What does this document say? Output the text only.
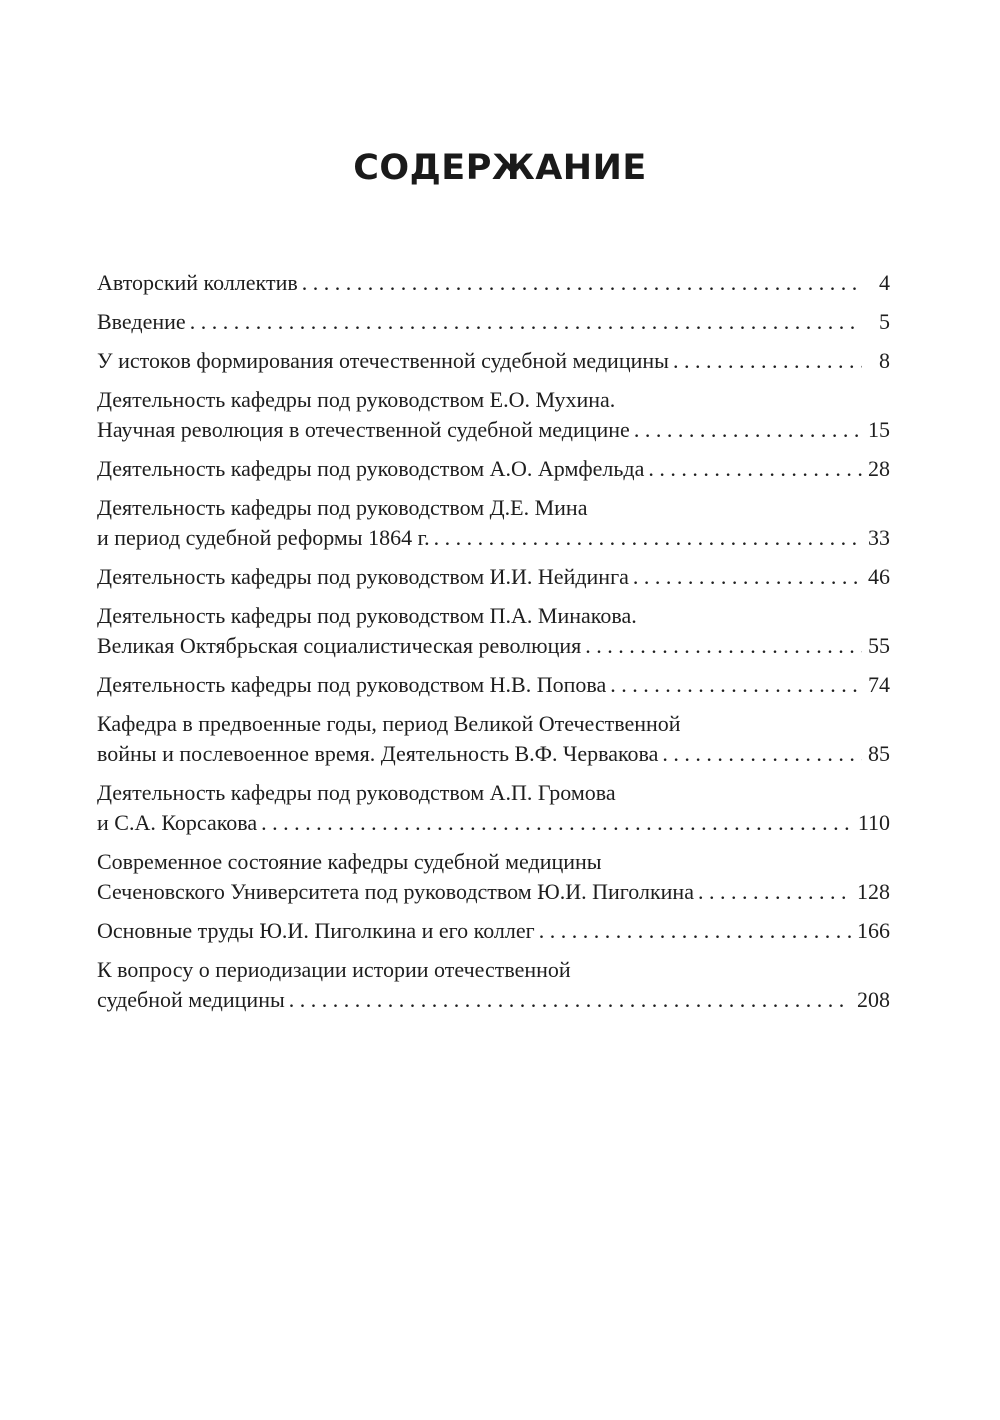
СОДЕРЖАНИЕ
Авторский коллектив . . .	4
Введение . . .	5
У истоков формирования отечественной судебной медицины . . .	8
Деятельность кафедры под руководством Е.О. Мухина.
Научная революция в отечественной судебной медицине . . .	15
Деятельность кафедры под руководством А.О. Армфельда . . .	28
Деятельность кафедры под руководством Д.Е. Мина
и период судебной реформы 1864 г. . . .	33
Деятельность кафедры под руководством И.И. Нейдинга . . .	46
Деятельность кафедры под руководством П.А. Минакова.
Великая Октябрьская социалистическая революция . . .	55
Деятельность кафедры под руководством Н.В. Попова . . .	74
Кафедра в предвоенные годы, период Великой Отечественной
войны и послевоенное время. Деятельность В.Ф. Червакова . . .	85
Деятельность кафедры под руководством А.П. Громова
и С.А. Корсакова . . .	110
Современное состояние кафедры судебной медицины
Сеченовского Университета под руководством Ю.И. Пиголкина . . .	128
Основные труды Ю.И. Пиголкина и его коллег . . .	166
К вопросу о периодизации истории отечественной
судебной медицины . . .	208
